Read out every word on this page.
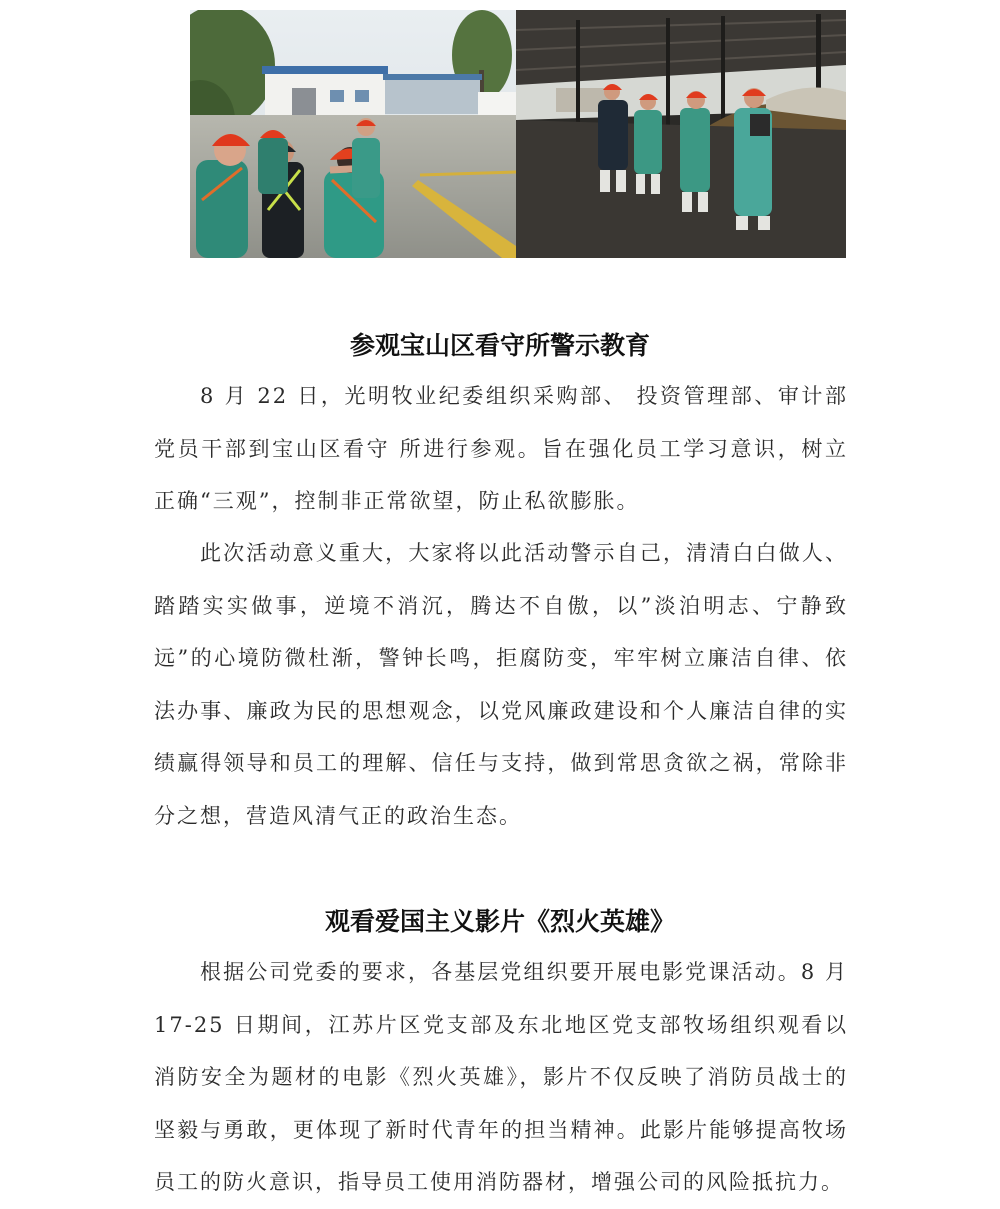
参观宝山区看守所警示教育

8 月 22 日，光明牧业纪委组织采购部、 投资管理部、审计部党员干部到宝山区看守 所进行参观。旨在强化员工学习意识，树立 正确“三观”，控制非正常欲望，防止私欲膨胀。

此次活动意义重大，大家将以此活动警示自己，清清白白做人、踏踏实实做事，逆境不消沉，腾达不自傲，以”淡泊明志、宁静致远”的心境防微杜渐，警钟长鸣，拒腐防变，牢牢树立廉洁自律、依法办事、廉政为民的思想观念，以党风廉政建设和个人廉洁自律的实绩赢得领导和员工的理解、信任与支持，做到常思贪欲之祸，常除非分之想，营造风清气正的政治生态。

观看爱国主义影片《烈火英雄》

根据公司党委的要求，各基层党组织要开展电影党课活动。8 月 17-25 日期间，江苏片区党支部及东北地区党支部牧场组织观看以消防安全为题材的电影《烈火英雄》，影片不仅反映了消防员战士的坚毅与勇敢，更体现了新时代青年的担当精神。此影片能够提高牧场员工的防火意识，指导员工使用消防器材，增强公司的风险抵抗力。
